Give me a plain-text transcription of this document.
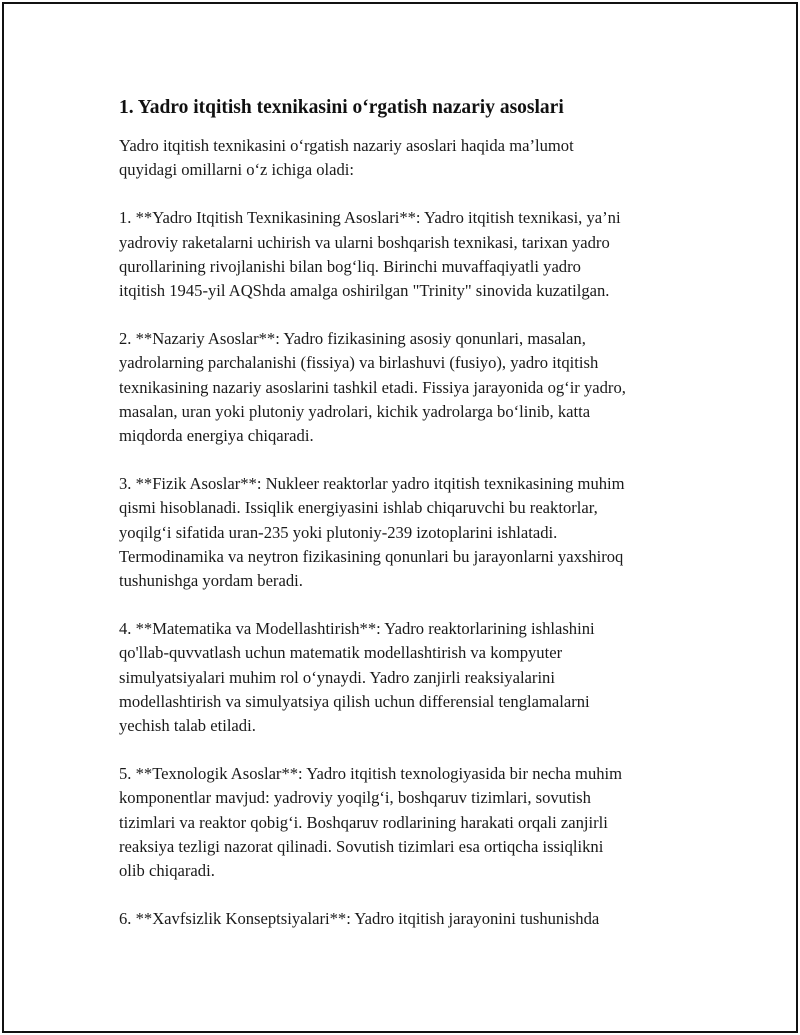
1. Yadro itqitish texnikasini o‘rgatish nazariy asoslari

Yadro itqitish texnikasini o‘rgatish nazariy asoslari haqida ma’lumot
quyidagi omillarni o‘z ichiga oladi:

1. **Yadro Itqitish Texnikasining Asoslari**: Yadro itqitish texnikasi, ya’ni
yadroviy raketalarni uchirish va ularni boshqarish texnikasi, tarixan yadro
qurollarining rivojlanishi bilan bog‘liq. Birinchi muvaffaqiyatli yadro
itqitish 1945-yil AQShda amalga oshirilgan "Trinity" sinovida kuzatilgan.

2. **Nazariy Asoslar**: Yadro fizikasining asosiy qonunlari, masalan,
yadrolarning parchalanishi (fissiya) va birlashuvi (fusiyo), yadro itqitish
texnikasining nazariy asoslarini tashkil etadi. Fissiya jarayonida og‘ir yadro,
masalan, uran yoki plutoniy yadrolari, kichik yadrolarga bo‘linib, katta
miqdorda energiya chiqaradi.

3. **Fizik Asoslar**: Nukleer reaktorlar yadro itqitish texnikasining muhim
qismi hisoblanadi. Issiqlik energiyasini ishlab chiqaruvchi bu reaktorlar,
yoqilg‘i sifatida uran-235 yoki plutoniy-239 izotoplarini ishlatadi.
Termodinamika va neytron fizikasining qonunlari bu jarayonlarni yaxshiroq
tushunishga yordam beradi.

4. **Matematika va Modellashtirish**: Yadro reaktorlarining ishlashini
qo'llab-quvvatlash uchun matematik modellashtirish va kompyuter
simulyatsiyalari muhim rol o‘ynaydi. Yadro zanjirli reaksiyalarini
modellashtirish va simulyatsiya qilish uchun differensial tenglamalarni
yechish talab etiladi.

5. **Texnologik Asoslar**: Yadro itqitish texnologiyasida bir necha muhim
komponentlar mavjud: yadroviy yoqilg‘i, boshqaruv tizimlari, sovutish
tizimlari va reaktor qobig‘i. Boshqaruv rodlarining harakati orqali zanjirli
reaksiya tezligi nazorat qilinadi. Sovutish tizimlari esa ortiqcha issiqlikni
olib chiqaradi.

6. **Xavfsizlik Konseptsiyalari**: Yadro itqitish jarayonini tushunishda
